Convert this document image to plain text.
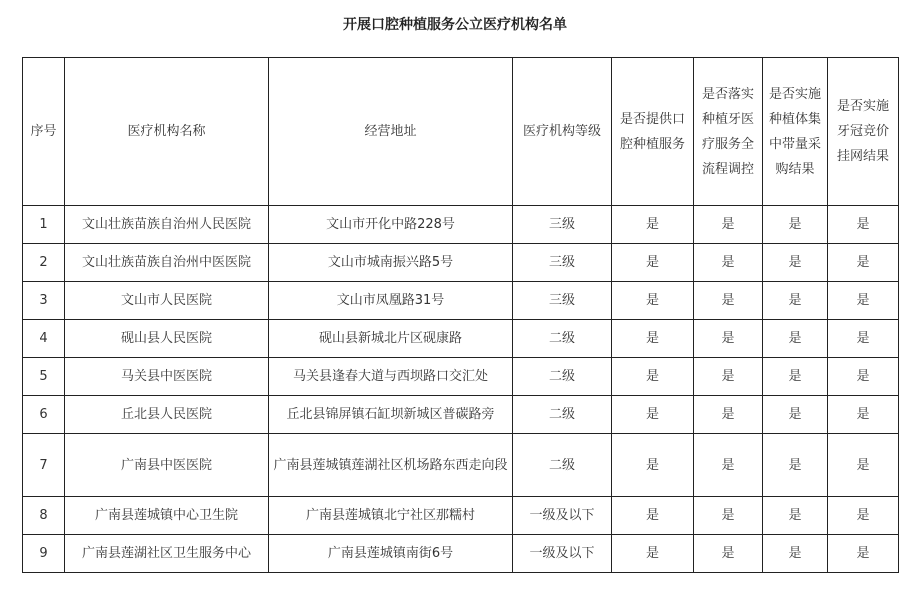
开展口腔种植服务公立医疗机构名单
序号	医疗机构名称	经营地址	医疗机构等级	是否提供口腔种植服务	是否落实种植牙医疗服务全流程调控	是否实施种植体集中带量采购结果	是否实施牙冠竞价挂网结果
1	文山壮族苗族自治州人民医院	文山市开化中路228号	三级	是	是	是	是
2	文山壮族苗族自治州中医医院	文山市城南振兴路5号	三级	是	是	是	是
3	文山市人民医院	文山市凤凰路31号	三级	是	是	是	是
4	砚山县人民医院	砚山县新城北片区砚康路	二级	是	是	是	是
5	马关县中医医院	马关县逢春大道与西坝路口交汇处	二级	是	是	是	是
6	丘北县人民医院	丘北县锦屏镇石缸坝新城区普碳路旁	二级	是	是	是	是
7	广南县中医医院	广南县莲城镇莲湖社区机场路东西走向段	二级	是	是	是	是
8	广南县莲城镇中心卫生院	广南县莲城镇北宁社区那糯村	一级及以下	是	是	是	是
9	广南县莲湖社区卫生服务中心	广南县莲城镇南街6号	一级及以下	是	是	是	是
